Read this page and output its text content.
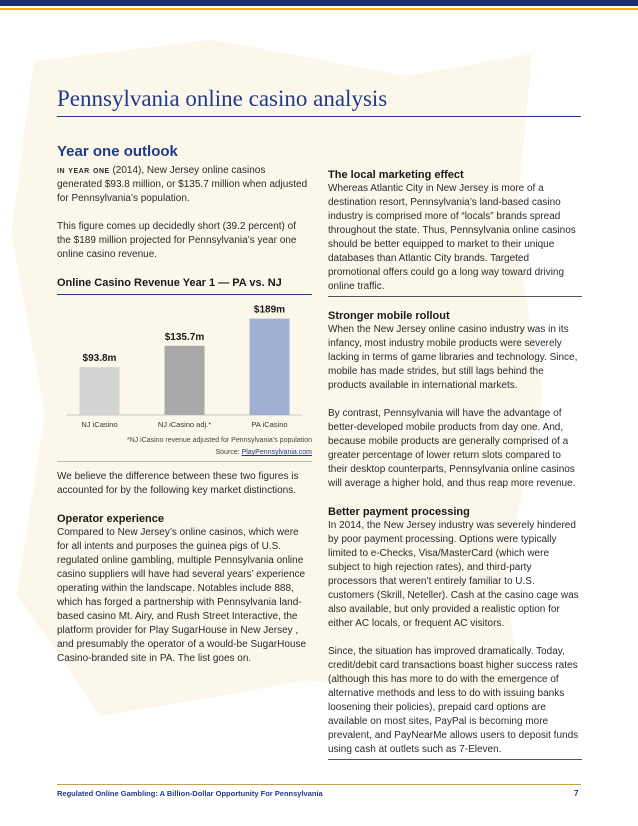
Pennsylvania online casino analysis
Year one outlook

in year one (2014), New Jersey online casinos generated $93.8 million, or $135.7 million when adjusted for Pennsylvania’s population.

This figure comes up decidedly short (39.2 percent) of the $189 million projected for Pennsylvania’s year one online casino revenue.

Online Casino Revenue Year 1 — PA vs. NJ

$93.8m
NJ iCasino
$135.7m
NJ iCasino adj.*
$189m
PA iCasino
*NJ iCasino revenue adjusted for Pennsylvania’s population
Source: PlayPennsylvania.com

We believe the difference between these two figures is accounted for by the following key market distinctions.

Operator experience

Compared to New Jersey’s online casinos, which were for all intents and purposes the guinea pigs of U.S. regulated online gambling, multiple Pennsylvania online casino suppliers will have had several years’ experience operating within the landscape. Notables include 888, which has forged a partnership with Pennsylvania land-based casino Mt. Airy, and Rush Street Interactive, the platform provider for Play SugarHouse in New Jersey , and presumably the operator of a would-be SugarHouse Casino-branded site in PA. The list goes on.

The local marketing effect

Whereas Atlantic City in New Jersey is more of a destination resort, Pennsylvania’s land-based casino industry is comprised more of “locals” brands spread throughout the state. Thus, Pennsylvania online casinos should be better equipped to market to their unique databases than Atlantic City brands. Targeted promotional offers could go a long way toward driving online traffic.

Stronger mobile rollout

When the New Jersey online casino industry was in its infancy, most industry mobile products were severely lacking in terms of game libraries and technology. Since, mobile has made strides, but still lags behind the products available in international markets.

By contrast, Pennsylvania will have the advantage of better-developed mobile products from day one. And, because mobile products are generally comprised of a greater percentage of lower return slots compared to their desktop counterparts, Pennsylvania online casinos will average a higher hold, and thus reap more revenue.

Better payment processing

In 2014, the New Jersey industry was severely hindered by poor payment processing. Options were typically limited to e-Checks, Visa/MasterCard (which were subject to high rejection rates), and third-party processors that weren’t entirely familiar to U.S. customers (Skrill, Neteller). Cash at the casino cage was also available, but only provided a realistic option for either AC locals, or frequent AC visitors.

Since, the situation has improved dramatically. Today, credit/debit card transactions boast higher success rates (although this has more to do with the emergence of alternative methods and less to do with issuing banks loosening their policies), prepaid card options are available on most sites, PayPal is becoming more prevalent, and PayNearMe allows users to deposit funds using cash at outlets such as 7-Eleven.

Regulated Online Gambling: A Billion-Dollar Opportunity For Pennsylvania	7
